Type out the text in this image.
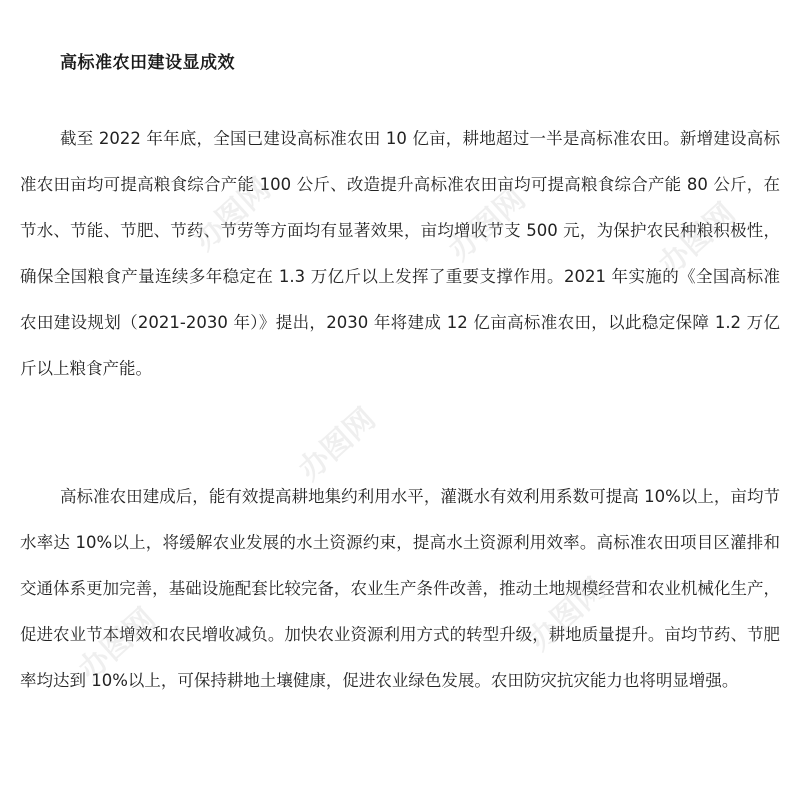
高标准农田建设显成效

截至 2022 年年底，全国已建设高标准农田 10 亿亩，耕地超过一半是高标准农田。新增建设高标准农田亩均可提高粮食综合产能 100 公斤、改造提升高标准农田亩均可提高粮食综合产能 80 公斤，在节水、节能、节肥、节药、节劳等方面均有显著效果，亩均增收节支 500 元，为保护农民种粮积极性，确保全国粮食产量连续多年稳定在 1.3 万亿斤以上发挥了重要支撑作用。2021 年实施的《全国高标准农田建设规划（2021-2030 年）》提出，2030 年将建成 12 亿亩高标准农田，以此稳定保障 1.2 万亿斤以上粮食产能。

高标准农田建成后，能有效提高耕地集约利用水平，灌溉水有效利用系数可提高 10%以上，亩均节水率达 10%以上，将缓解农业发展的水土资源约束，提高水土资源利用效率。高标准农田项目区灌排和交通体系更加完善，基础设施配套比较完备，农业生产条件改善，推动土地规模经营和农业机械化生产，促进农业节本增效和农民增收减负。加快农业资源利用方式的转型升级，耕地质量提升。亩均节药、节肥率均达到 10%以上，可保持耕地土壤健康，促进农业绿色发展。农田防灾抗灾能力也将明显增强。

办图网	办图网	办图网
办图网
办图网
办图网
